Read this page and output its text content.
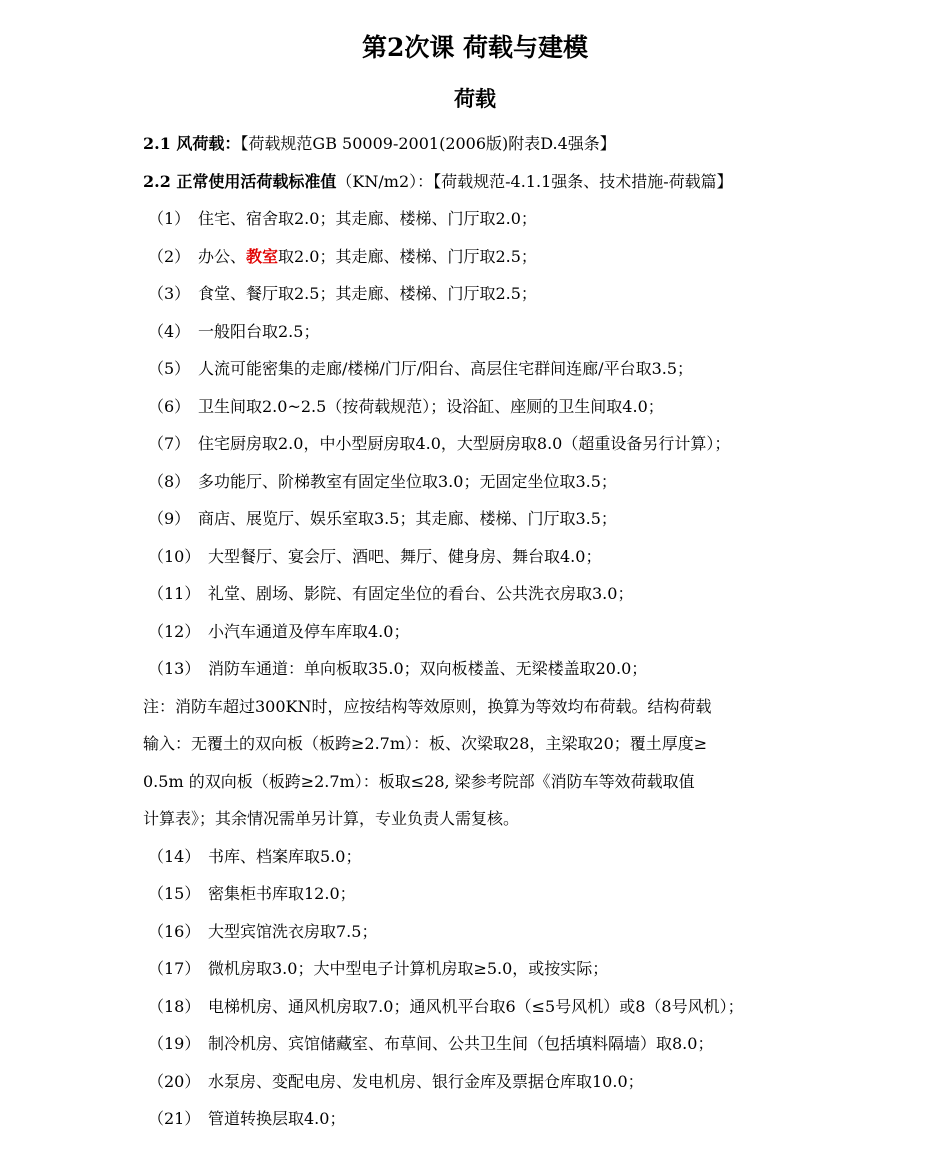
第2次课 荷载与建模
荷载
2.1 风荷载：【荷载规范GB 50009-2001(2006版)附表D.4强条】
2.2 正常使用活荷载标准值（KN/m2）：【荷载规范-4.1.1强条、技术措施-荷载篇】
（1） 住宅、宿舍取2.0；其走廊、楼梯、门厅取2.0；
（2） 办公、教室取2.0；其走廊、楼梯、门厅取2.5；
（3） 食堂、餐厅取2.5；其走廊、楼梯、门厅取2.5；
（4） 一般阳台取2.5；
（5） 人流可能密集的走廊/楼梯/门厅/阳台、高层住宅群间连廊/平台取3.5；
（6） 卫生间取2.0~2.5（按荷载规范）；设浴缸、座厕的卫生间取4.0；
（7） 住宅厨房取2.0，中小型厨房取4.0，大型厨房取8.0（超重设备另行计算）；
（8） 多功能厅、阶梯教室有固定坐位取3.0；无固定坐位取3.5；
（9） 商店、展览厅、娱乐室取3.5；其走廊、楼梯、门厅取3.5；
（10） 大型餐厅、宴会厅、酒吧、舞厅、健身房、舞台取4.0；
（11） 礼堂、剧场、影院、有固定坐位的看台、公共洗衣房取3.0；
（12） 小汽车通道及停车库取4.0；
（13） 消防车通道：单向板取35.0；双向板楼盖、无梁楼盖取20.0；
注：消防车超过300KN时，应按结构等效原则，换算为等效均布荷载。结构荷载
输入：无覆土的双向板（板跨≥2.7m）：板、次梁取28，主梁取20；覆土厚度≥
0.5m 的双向板（板跨≥2.7m）：板取≤28, 梁参考院部《消防车等效荷载取值
计算表》；其余情况需单另计算，专业负责人需复核。
（14） 书库、档案库取5.0；
（15） 密集柜书库取12.0；
（16） 大型宾馆洗衣房取7.5；
（17） 微机房取3.0；大中型电子计算机房取≥5.0，或按实际；
（18） 电梯机房、通风机房取7.0；通风机平台取6（≤5号风机）或8（8号风机）；
（19） 制冷机房、宾馆储藏室、布草间、公共卫生间（包括填料隔墙）取8.0；
（20） 水泵房、变配电房、发电机房、银行金库及票据仓库取10.0；
（21） 管道转换层取4.0；
